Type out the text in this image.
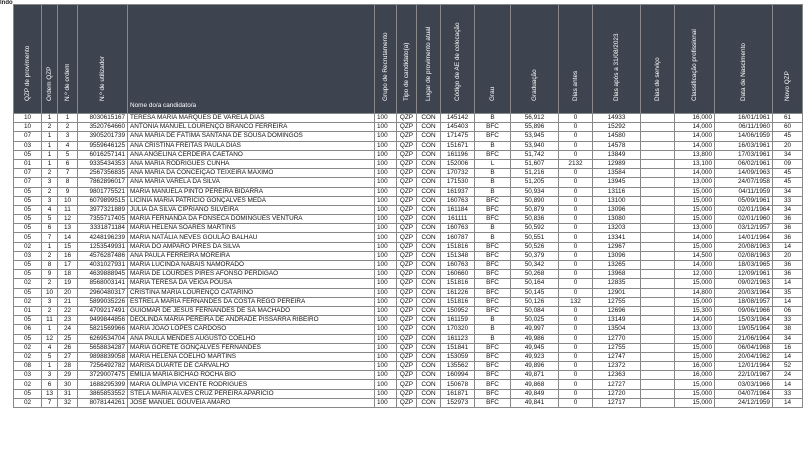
lndo
QZP de provimento	Ordem QZP	N.º de ordem	N.º de utilizador	Nome do/a candidato/a	Grupo de Recrutamento	Tipo de candidato(a)	Lugar de provimento atual	Código de AE de colocação	Grau	Graduação	Dias antes	Dias após a 31/08/2023	Dias de serviço	Classificação profissional	Data de Nascimento	Novo QZP

10	1	1	8030615167	TERESA MARIA MARQUES DE VARELA DIAS	100	QZP	CON	145142	B	56,912	0	14933		16,000	16/01/1961	61
10	2	2	3520764660	ANTÓNIA MANUEL LOURENÇO BRANCO FERREIRA	100	QZP	CON	145403	BFC	55,896	0	15292		14,000	06/11/1960	60
07	1	3	3905201739	ANA MARIA DE FÁTIMA SANTANA DE SOUSA DOMINGOS	100	QZP	CON	171475	BFC	53,945	0	14580		14,000	14/06/1959	45
03	1	4	9559646125	ANA CRISTINA FREITAS PAULA DIAS	100	QZP	CON	151671	B	53,940	0	14578		14,000	16/03/1961	20
05	1	5	6016257141	ANA ANGELINA CERDEIRA CAETANO	100	QZP	CON	161196	BFC	51,742	0	13849		13,800	17/03/1961	34
01	1	6	9335434353	ANA MARIA RODRIGUES CUNHA	100	QZP	CON	152006	L	51,607	2132	12989		13,100	06/02/1961	09
07	2	7	2567356835	ANA MARIA DA CONCEIÇÃO TEIXEIRA MÁXIMO	100	QZP	CON	170732	B	51,216	0	13584		14,000	14/09/1963	45
07	3	8	7862896017	ANA MARIA VARELA DA SILVA	100	QZP	CON	171530	B	51,205	0	13945		13,000	24/07/1958	45
05	2	9	9801775521	MARIA MANUELA PINTO PEREIRA BIDARRA	100	QZP	CON	161937	B	50,934	0	13116		15,000	04/11/1959	34
05	3	10	6079899515	LICÍNIA MARIA PATRÍCIO GONÇALVES MEDA	100	QZP	CON	160763	BFC	50,890	0	13100		15,000	05/09/1961	33
05	4	11	3977321889	JÚLIA DA SILVA CIPRIANO SILVEIRA	100	QZP	CON	161184	BFC	50,879	0	13096		15,000	02/01/1964	34
05	5	12	7355717405	MARIA FERNANDA DA FONSECA DOMINGUES VENTURA	100	QZP	CON	161111	BFC	50,836	0	13080		15,000	02/01/1960	36
05	6	13	3331871184	MARIA HELENA SOARES MARTINS	100	QZP	CON	160763	B	50,592	0	13203		13,000	03/12/1957	36
05	7	14	4248196239	MARIA NATÁLIA NEVES GOULÃO BALHAU	100	QZP	CON	160787	B	50,551	0	13341		14,000	14/01/1964	36
02	1	15	1253549931	MARIA DO AMPARO PIRES DA SILVA	100	QZP	CON	151816	BFC	50,526	0	12967		15,000	20/08/1963	14
03	2	16	4576287486	ANA PAULA FERREIRA MOREIRA	100	QZP	CON	151348	BFC	50,379	0	13096		14,500	02/08/1963	20
05	8	17	4031027931	MARIA LUCINDA NABAIS NAMORADO	100	QZP	CON	160763	BFC	50,342	0	13265		14,000	18/03/1965	36
05	9	18	4639888945	MARIA DE LOURDES PIRES AFONSO PERDIGÃO	100	QZP	CON	160660	BFC	50,268	0	13968		12,000	12/09/1961	36
02	2	19	8568003141	MARIA TERESA DA VEIGA POUSA	100	QZP	CON	151816	BFC	50,164	0	12835		15,000	09/02/1963	14
05	10	20	2960480317	CRISTINA MARIA LOURENÇO CATARINO	100	QZP	CON	161226	BFC	50,145	0	12901		14,800	20/03/1964	35
02	3	21	5899035226	ESTRELA MARIA FERNANDES DA COSTA REGO PEREIRA	100	QZP	CON	151816	BFC	50,126	132	12755		15,000	18/08/1957	14
01	2	22	4709217491	GUIOMAR DE JESUS FERNANDES DE SÁ MACHADO	100	QZP	CON	150952	BFC	50,084	0	12696		15,300	09/06/1966	06
05	11	23	9499844856	DEOLINDA MARIA PEREIRA DE ANDRADE PISSARRA RIBEIRO	100	QZP	CON	161159	B	50,025	0	13149		14,000	15/03/1964	33
06	1	24	5821569966	MARIA JOÃO LOPES CARDOSO	100	QZP	CON	170320	B	49,997	0	13504		13,000	19/05/1964	38
05	12	25	6269534704	ANA PAULA MENDES AUGUSTO COELHO	100	QZP	CON	161123	B	49,986	0	12770		15,000	21/06/1964	34
02	4	26	5658834287	MARIA GORETE GONÇALVES FERNANDES	100	QZP	CON	151841	BFC	49,945	0	12755		15,000	06/04/1968	16
02	5	27	9898839058	MARIA HELENA COELHO MARTINS	100	QZP	CON	153059	BFC	49,923	0	12747		15,000	20/04/1962	14
08	1	28	7256492782	MARISA DUARTE DE CARVALHO	100	QZP	CON	135562	BFC	49,896	0	12372		16,000	12/01/1964	52
03	3	29	3729007475	EMÍLIA MARIA BICHÃO ROCHA BIO	100	QZP	CON	160994	BFC	49,871	0	12363		16,000	22/10/1967	24
02	6	30	1688295399	MARIA OLÍMPIA VICENTE RODRIGUES	100	QZP	CON	150678	BFC	49,868	0	12727		15,000	03/03/1966	14
05	13	31	3865853552	STELA MARIA ALVES CRUZ PEREIRA APARÍCIO	100	QZP	CON	161871	BFC	49,849	0	12720		15,000	04/07/1964	33
02	7	32	8078144261	JOSÉ MANUEL GOUVEIA AMARO	100	QZP	CON	152973	BFC	49,841	0	12717		15,000	24/12/1959	14
